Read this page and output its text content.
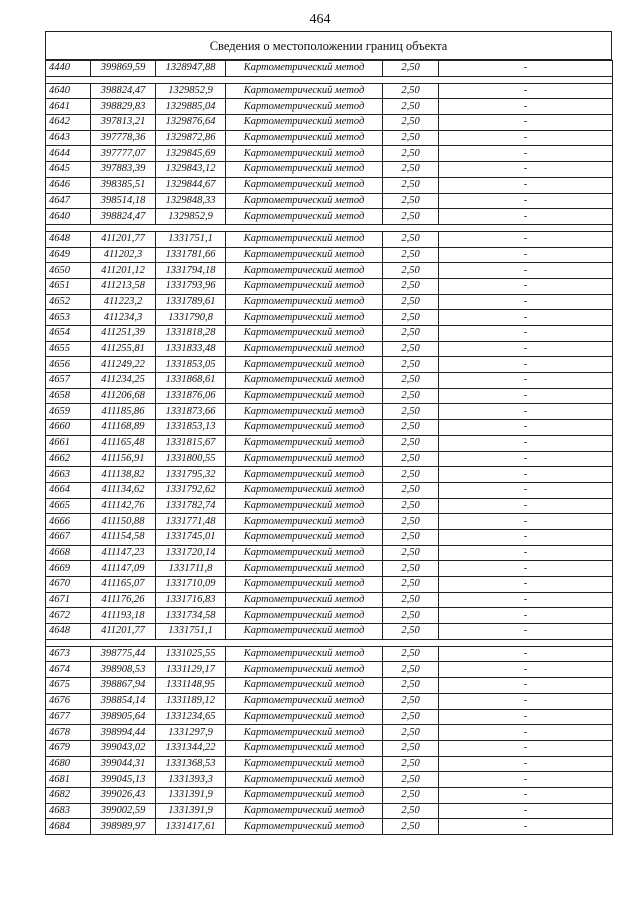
464
Сведения о местоположении границ объекта
4440	399869,59	1328947,88	Картометрический метод	2,50	-

4640	398824,47	1329852,9	Картометрический метод	2,50	-
4641	398829,83	1329885,04	Картометрический метод	2,50	-
4642	397813,21	1329876,64	Картометрический метод	2,50	-
4643	397778,36	1329872,86	Картометрический метод	2,50	-
4644	397777,07	1329845,69	Картометрический метод	2,50	-
4645	397883,39	1329843,12	Картометрический метод	2,50	-
4646	398385,51	1329844,67	Картометрический метод	2,50	-
4647	398514,18	1329848,33	Картометрический метод	2,50	-
4640	398824,47	1329852,9	Картометрический метод	2,50	-

4648	411201,77	1331751,1	Картометрический метод	2,50	-
4649	411202,3	1331781,66	Картометрический метод	2,50	-
4650	411201,12	1331794,18	Картометрический метод	2,50	-
4651	411213,58	1331793,96	Картометрический метод	2,50	-
4652	411223,2	1331789,61	Картометрический метод	2,50	-
4653	411234,3	1331790,8	Картометрический метод	2,50	-
4654	411251,39	1331818,28	Картометрический метод	2,50	-
4655	411255,81	1331833,48	Картометрический метод	2,50	-
4656	411249,22	1331853,05	Картометрический метод	2,50	-
4657	411234,25	1331868,61	Картометрический метод	2,50	-
4658	411206,68	1331876,06	Картометрический метод	2,50	-
4659	411185,86	1331873,66	Картометрический метод	2,50	-
4660	411168,89	1331853,13	Картометрический метод	2,50	-
4661	411165,48	1331815,67	Картометрический метод	2,50	-
4662	411156,91	1331800,55	Картометрический метод	2,50	-
4663	411138,82	1331795,32	Картометрический метод	2,50	-
4664	411134,62	1331792,62	Картометрический метод	2,50	-
4665	411142,76	1331782,74	Картометрический метод	2,50	-
4666	411150,88	1331771,48	Картометрический метод	2,50	-
4667	411154,58	1331745,01	Картометрический метод	2,50	-
4668	411147,23	1331720,14	Картометрический метод	2,50	-
4669	411147,09	1331711,8	Картометрический метод	2,50	-
4670	411165,07	1331710,09	Картометрический метод	2,50	-
4671	411176,26	1331716,83	Картометрический метод	2,50	-
4672	411193,18	1331734,58	Картометрический метод	2,50	-
4648	411201,77	1331751,1	Картометрический метод	2,50	-

4673	398775,44	1331025,55	Картометрический метод	2,50	-
4674	398908,53	1331129,17	Картометрический метод	2,50	-
4675	398867,94	1331148,95	Картометрический метод	2,50	-
4676	398854,14	1331189,12	Картометрический метод	2,50	-
4677	398905,64	1331234,65	Картометрический метод	2,50	-
4678	398994,44	1331297,9	Картометрический метод	2,50	-
4679	399043,02	1331344,22	Картометрический метод	2,50	-
4680	399044,31	1331368,53	Картометрический метод	2,50	-
4681	399045,13	1331393,3	Картометрический метод	2,50	-
4682	399026,43	1331391,9	Картометрический метод	2,50	-
4683	399002,59	1331391,9	Картометрический метод	2,50	-
4684	398989,97	1331417,61	Картометрический метод	2,50	-
